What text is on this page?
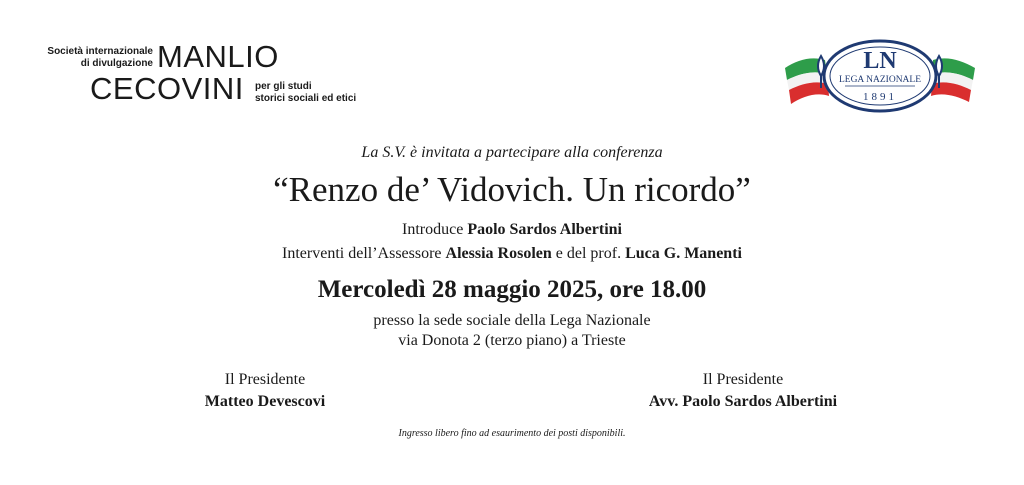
Società internazionale
di divulgazione MANLIO
CECOVINI per gli studi
storici sociali ed etici
LN
LEGA NAZIONALE
1891
La S.V. è invitata a partecipare alla conferenza
“Renzo de’ Vidovich. Un ricordo”
Introduce Paolo Sardos Albertini
Interventi dell’Assessore Alessia Rosolen e del prof. Luca G. Manenti
Mercoledì 28 maggio 2025, ore 18.00
presso la sede sociale della Lega Nazionale
via Donota 2 (terzo piano) a Trieste
Il Presidente
Matteo Devescovi
Il Presidente
Avv. Paolo Sardos Albertini
Ingresso libero fino ad esaurimento dei posti disponibili.
